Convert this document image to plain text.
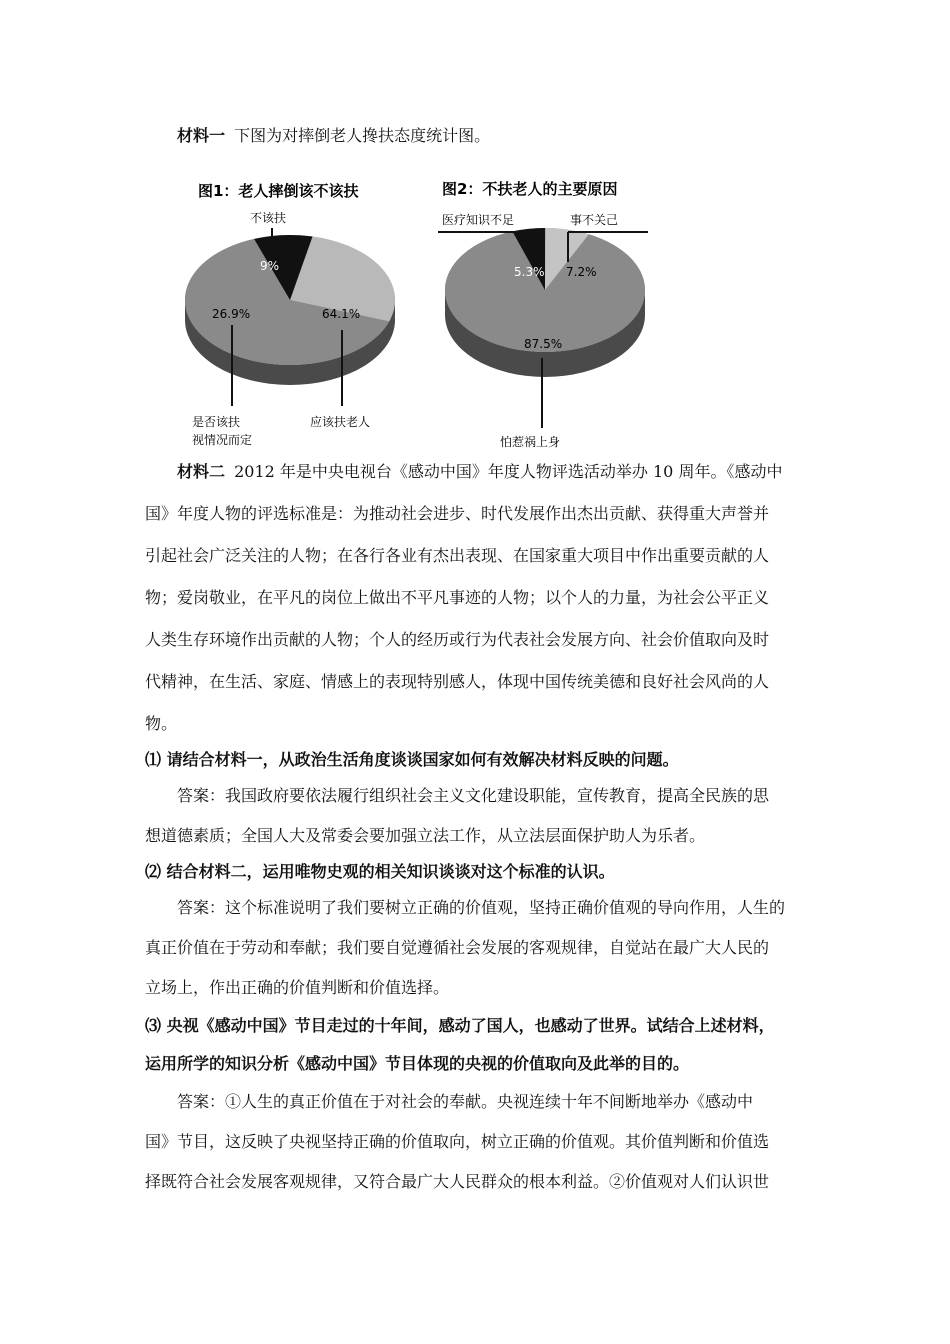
材料一 下图为对摔倒老人搀扶态度统计图。
图1：老人摔倒该不该扶
不该扶
9%
26.9%	64.1%
是否该扶
视情况而定
应该扶老人
图2：不扶老人的主要原因
医疗知识不足	事不关己
5.3% 7.2%
87.5%
怕惹祸上身
材料二 2012 年是中央电视台《感动中国》年度人物评选活动举办 10 周年。《感动中
国》年度人物的评选标准是：为推动社会进步、时代发展作出杰出贡献、获得重大声誉并
引起社会广泛关注的人物；在各行各业有杰出表现、在国家重大项目中作出重要贡献的人
物；爱岗敬业，在平凡的岗位上做出不平凡事迹的人物；以个人的力量，为社会公平正义
人类生存环境作出贡献的人物；个人的经历或行为代表社会发展方向、社会价值取向及时
代精神，在生活、家庭、情感上的表现特别感人，体现中国传统美德和良好社会风尚的人
物。
⑴ 请结合材料一，从政治生活角度谈谈国家如何有效解决材料反映的问题。
答案：我国政府要依法履行组织社会主义文化建设职能，宣传教育，提高全民族的思
想道德素质；全国人大及常委会要加强立法工作，从立法层面保护助人为乐者。
⑵ 结合材料二，运用唯物史观的相关知识谈谈对这个标准的认识。
答案：这个标准说明了我们要树立正确的价值观，坚持正确价值观的导向作用，人生的
真正价值在于劳动和奉献；我们要自觉遵循社会发展的客观规律，自觉站在最广大人民的
立场上，作出正确的价值判断和价值选择。
⑶ 央视《感动中国》节目走过的十年间，感动了国人，也感动了世界。试结合上述材料，
运用所学的知识分析《感动中国》节目体现的央视的价值取向及此举的目的。
答案：①人生的真正价值在于对社会的奉献。央视连续十年不间断地举办《感动中
国》节目，这反映了央视坚持正确的价值取向，树立正确的价值观。其价值判断和价值选
择既符合社会发展客观规律，又符合最广大人民群众的根本利益。②价值观对人们认识世
